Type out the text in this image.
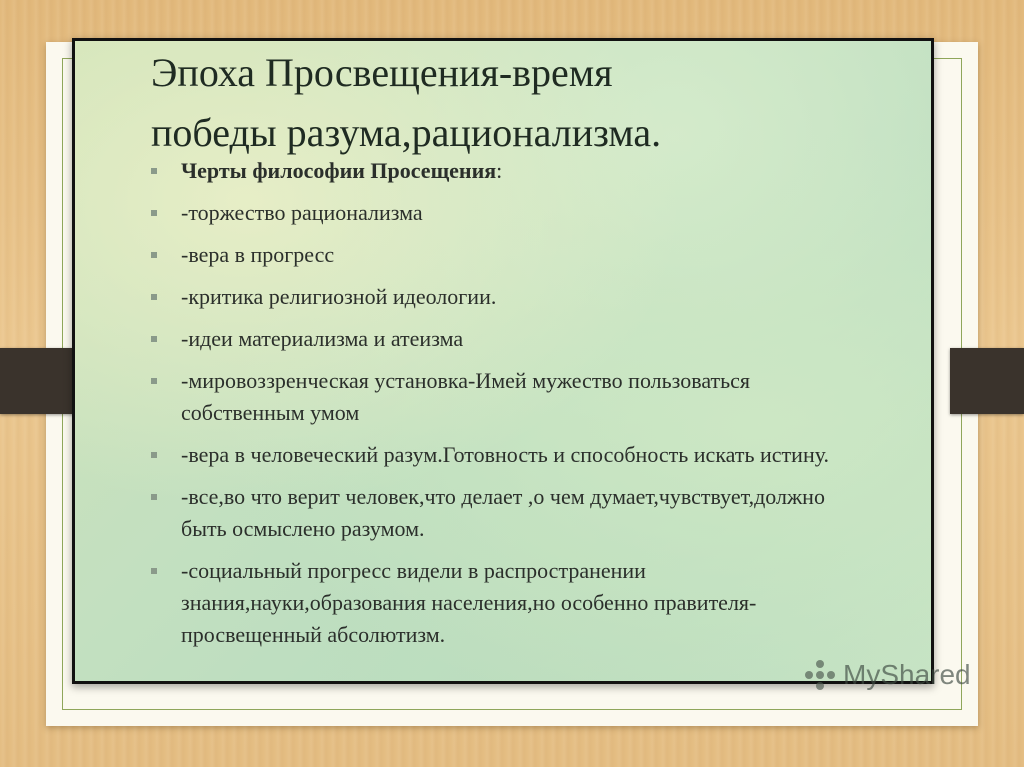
Эпоха Просвещения-время
победы разума,рационализма.
Черты философии Просещения:
-торжество рационализма
-вера в прогресс
-критика религиозной идеологии.
-идеи материализма и атеизма
-мировоззренческая установка-Имей мужество пользоваться собственным умом
-вера в человеческий разум.Готовность и способность искать истину.
-все,во что верит человек,что делает ,о чем думает,чувствует,должно быть осмыслено разумом.
-социальный прогресс видели в распространении знания,науки,образования населения,но особенно правителя- просвещенный абсолютизм.
MyShared
